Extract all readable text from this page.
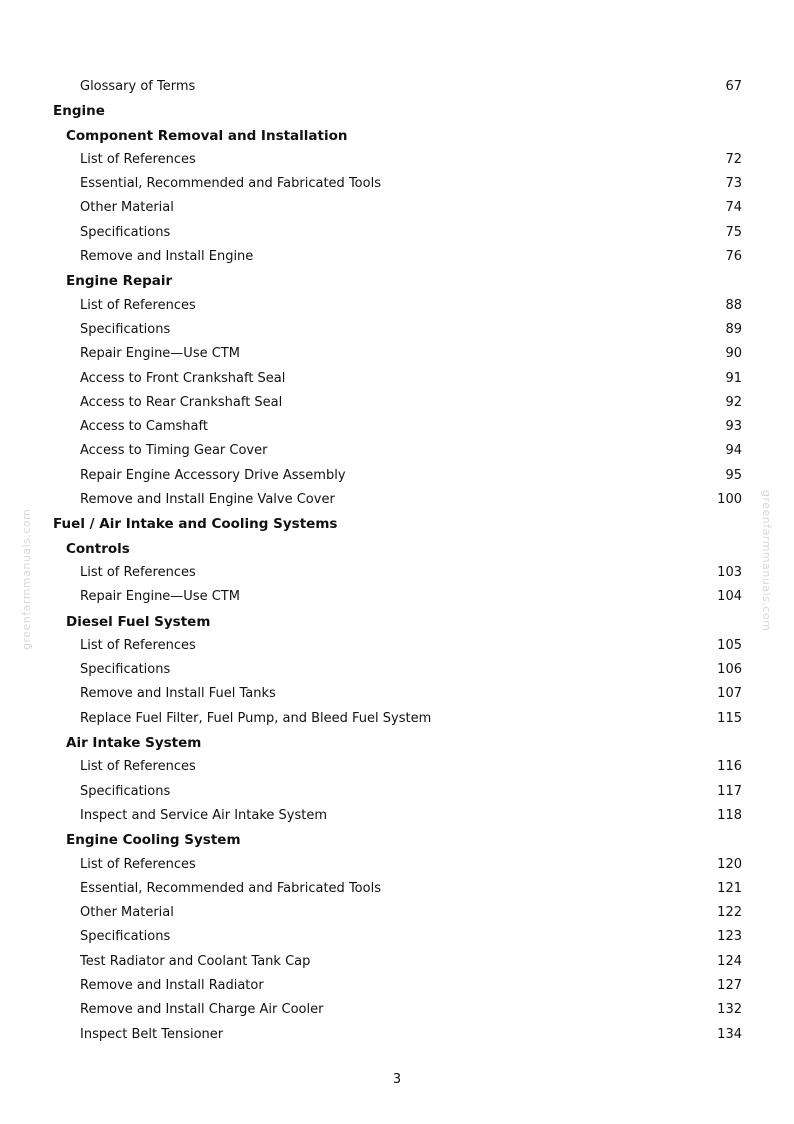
greenfarmmanuals.com	greenfarmmanuals.com
Glossary of Terms	67
Engine
Component Removal and Installation
List of References	72
Essential, Recommended and Fabricated Tools	73
Other Material	74
Specifications	75
Remove and Install Engine	76
Engine Repair
List of References	88
Specifications	89
Repair Engine—Use CTM	90
Access to Front Crankshaft Seal	91
Access to Rear Crankshaft Seal	92
Access to Camshaft	93
Access to Timing Gear Cover	94
Repair Engine Accessory Drive Assembly	95
Remove and Install Engine Valve Cover	100
Fuel / Air Intake and Cooling Systems
Controls
List of References	103
Repair Engine—Use CTM	104
Diesel Fuel System
List of References	105
Specifications	106
Remove and Install Fuel Tanks	107
Replace Fuel Filter, Fuel Pump, and Bleed Fuel System	115
Air Intake System
List of References	116
Specifications	117
Inspect and Service Air Intake System	118
Engine Cooling System
List of References	120
Essential, Recommended and Fabricated Tools	121
Other Material	122
Specifications	123
Test Radiator and Coolant Tank Cap	124
Remove and Install Radiator	127
Remove and Install Charge Air Cooler	132
Inspect Belt Tensioner	134
3
